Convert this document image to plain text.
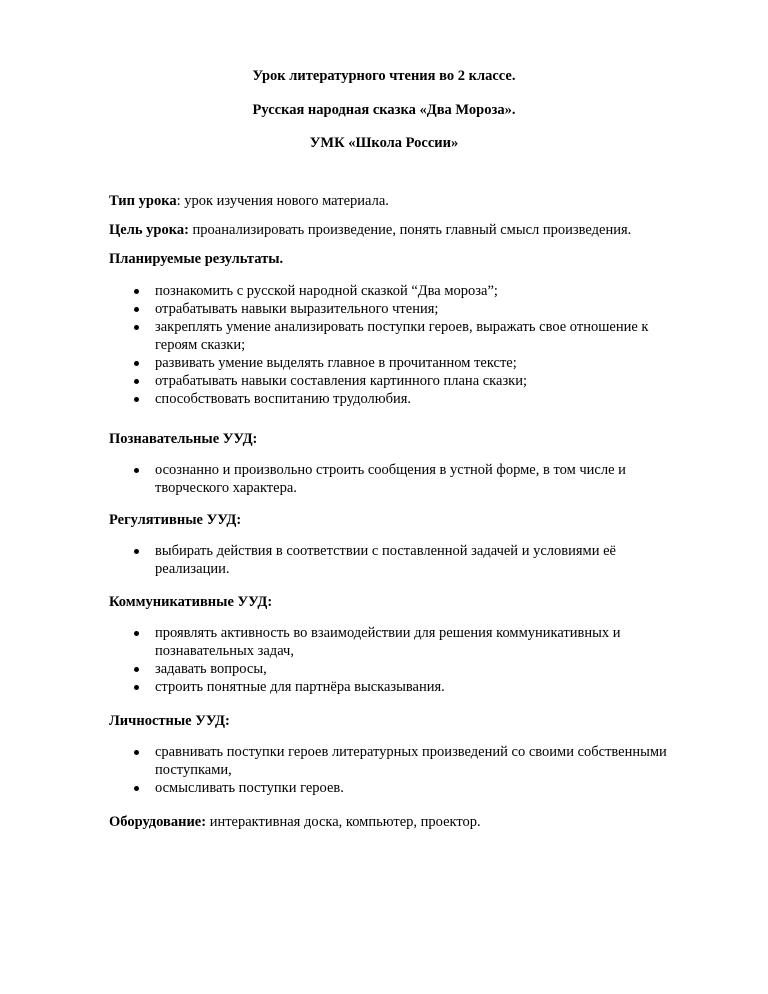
Урок литературного чтения во 2 классе.
Русская народная сказка «Два Мороза».
УМК «Школа России»
Тип урока: урок изучения нового материала.
Цель урока: проанализировать произведение, понять главный смысл произведения.
Планируемые результаты.
познакомить с русской народной сказкой “Два мороза”;
отрабатывать навыки выразительного чтения;
закреплять умение анализировать поступки героев, выражать свое отношение к героям сказки;
развивать умение выделять главное в прочитанном тексте;
отрабатывать навыки составления картинного плана сказки;
способствовать воспитанию трудолюбия.
Познавательные УУД:
осознанно и произвольно строить сообщения в устной форме, в том числе и творческого характера.
Регулятивные УУД:
выбирать действия в соответствии с поставленной задачей и условиями её реализации.
Коммуникативные УУД:
проявлять активность во взаимодействии для решения коммуникативных и познавательных задач,
задавать вопросы,
строить понятные для партнёра высказывания.
Личностные УУД:
сравнивать поступки героев литературных произведений со своими собственными поступками,
осмысливать поступки героев.
Оборудование: интерактивная доска, компьютер, проектор.
